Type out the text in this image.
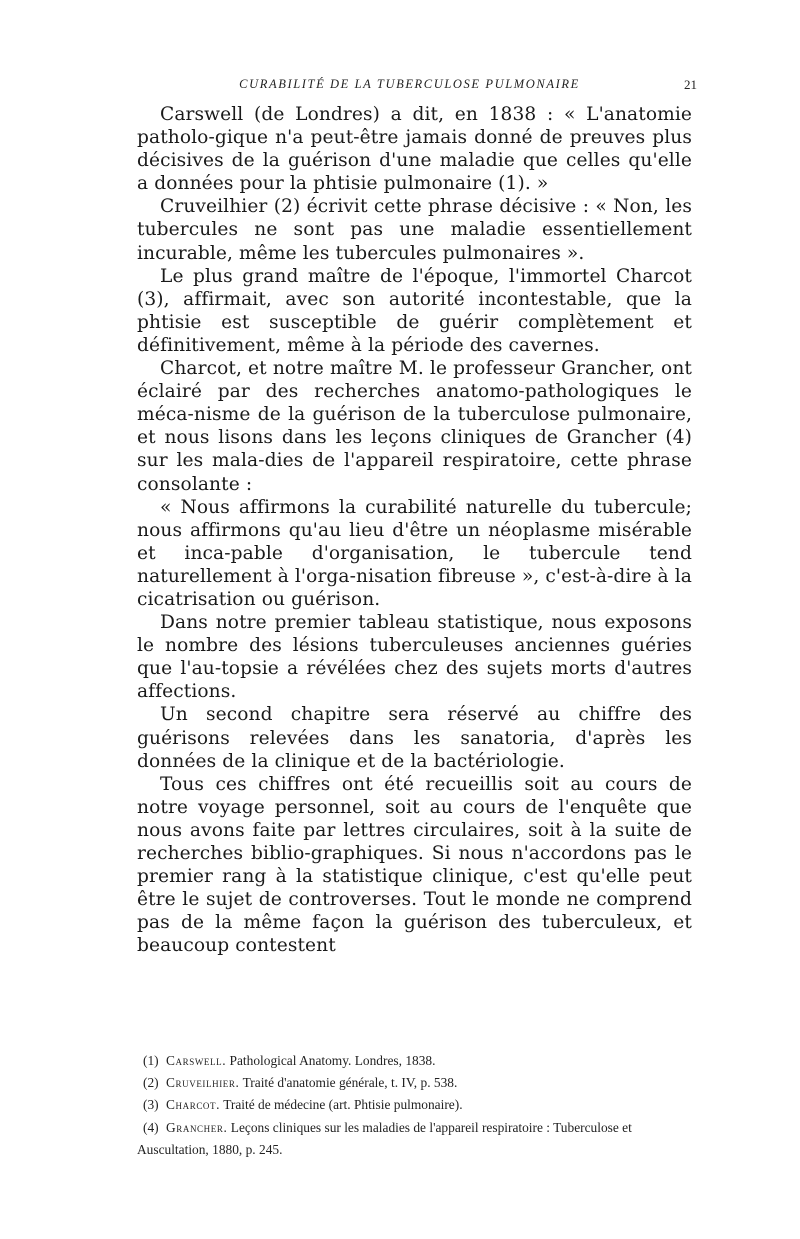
CURABILITÉ DE LA TUBERCULOSE PULMONAIRE	21

Carswell (de Londres) a dit, en 1838 : « L'anatomie patholo-gique n'a peut-être jamais donné de preuves plus décisives de la guérison d'une maladie que celles qu'elle a données pour la phtisie pulmonaire (1). »

Cruveilhier (2) écrivit cette phrase décisive : « Non, les tubercules ne sont pas une maladie essentiellement incurable, même les tubercules pulmonaires ».

Le plus grand maître de l'époque, l'immortel Charcot (3), affirmait, avec son autorité incontestable, que la phtisie est susceptible de guérir complètement et définitivement, même à la période des cavernes.

Charcot, et notre maître M. le professeur Grancher, ont éclairé par des recherches anatomo-pathologiques le méca-nisme de la guérison de la tuberculose pulmonaire, et nous lisons dans les leçons cliniques de Grancher (4) sur les mala-dies de l'appareil respiratoire, cette phrase consolante :

« Nous affirmons la curabilité naturelle du tubercule; nous affirmons qu'au lieu d'être un néoplasme misérable et inca-pable d'organisation, le tubercule tend naturellement à l'orga-nisation fibreuse », c'est-à-dire à la cicatrisation ou guérison.

Dans notre premier tableau statistique, nous exposons le nombre des lésions tuberculeuses anciennes guéries que l'au-topsie a révélées chez des sujets morts d'autres affections.

Un second chapitre sera réservé au chiffre des guérisons relevées dans les sanatoria, d'après les données de la clinique et de la bactériologie.

Tous ces chiffres ont été recueillis soit au cours de notre voyage personnel, soit au cours de l'enquête que nous avons faite par lettres circulaires, soit à la suite de recherches biblio-graphiques. Si nous n'accordons pas le premier rang à la statistique clinique, c'est qu'elle peut être le sujet de controverses. Tout le monde ne comprend pas de la même façon la guérison des tuberculeux, et beaucoup contestent

(1) Carswell. Pathological Anatomy. Londres, 1838.

(2) Cruveilhier. Traité d'anatomie générale, t. IV, p. 538.

(3) Charcot. Traité de médecine (art. Phtisie pulmonaire).

(4) Grancher. Leçons cliniques sur les maladies de l'appareil respiratoire : Tuberculose et Auscultation, 1880, p. 245.
